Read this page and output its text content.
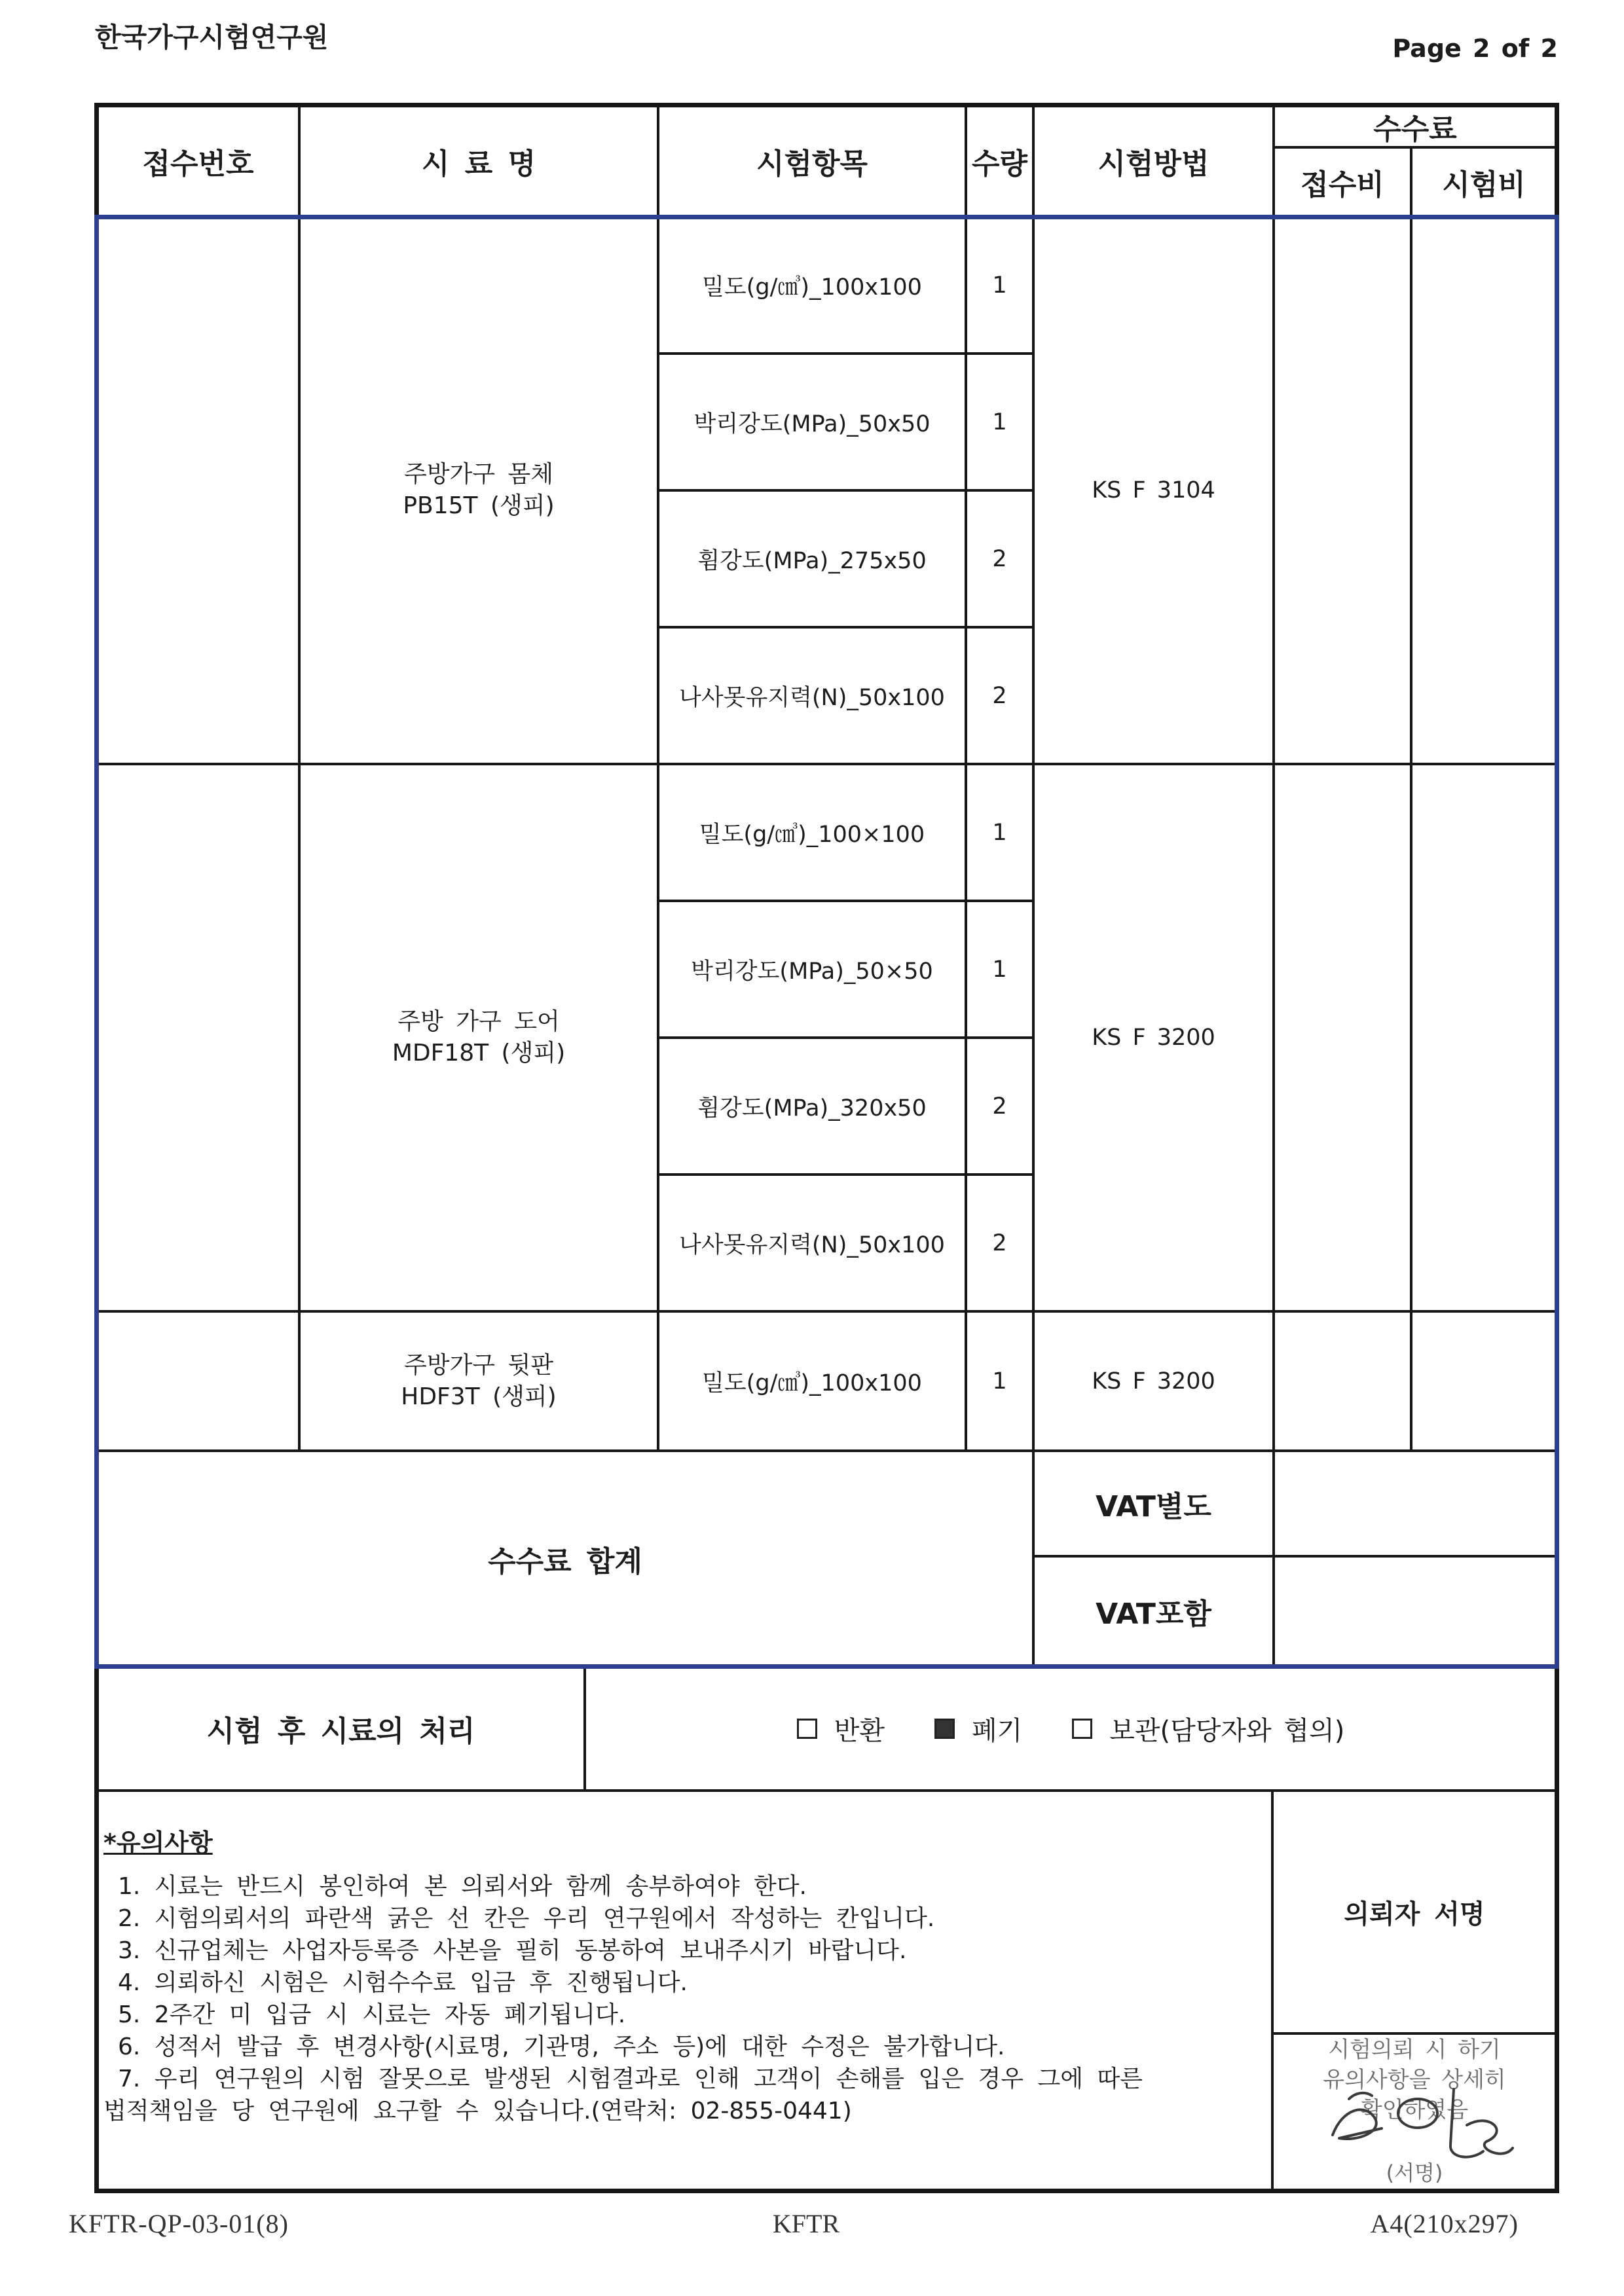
한국가구시험연구원	Page 2 of 2
접수번호	시 료 명	시험항목	수량	시험방법
수수료
접수비	시험비
주방가구 몸체
PB15T (생피)
밀도(g/㎤)_100x100	1
박리강도(MPa)_50x50	1
휨강도(MPa)_275x50	2
나사못유지력(N)_50x100	2
KS F 3104
주방 가구 도어
MDF18T (생피)
밀도(g/㎤)_100×100	1
박리강도(MPa)_50×50	1
휨강도(MPa)_320x50	2
나사못유지력(N)_50x100	2
KS F 3200
주방가구 뒷판
HDF3T (생피)	밀도(g/㎤)_100x100	1	KS F 3200
수수료 합계
VAT별도
VAT포함
시험 후 시료의 처리	반환	폐기	보관(담당자와 협의)
*유의사항
1. 시료는 반드시 봉인하여 본 의뢰서와 함께 송부하여야 한다.
2. 시험의뢰서의 파란색 굵은 선 칸은 우리 연구원에서 작성하는 칸입니다.
3. 신규업체는 사업자등록증 사본을 필히 동봉하여 보내주시기 바랍니다.
4. 의뢰하신 시험은 시험수수료 입금 후 진행됩니다.
5. 2주간 미 입금 시 시료는 자동 폐기됩니다.
6. 성적서 발급 후 변경사항(시료명, 기관명, 주소 등)에 대한 수정은 불가합니다.
7. 우리 연구원의 시험 잘못으로 발생된 시험결과로 인해 고객이 손해를 입은 경우 그에 따른
법적책임을 당 연구원에 요구할 수 있습니다.(연락처: 02-855-0441)
의뢰자 서명
시험의뢰 시 하기
유의사항을 상세히
확인하였음
(서명)
KFTR-QP-03-01(8)	KFTR	A4(210x297)
